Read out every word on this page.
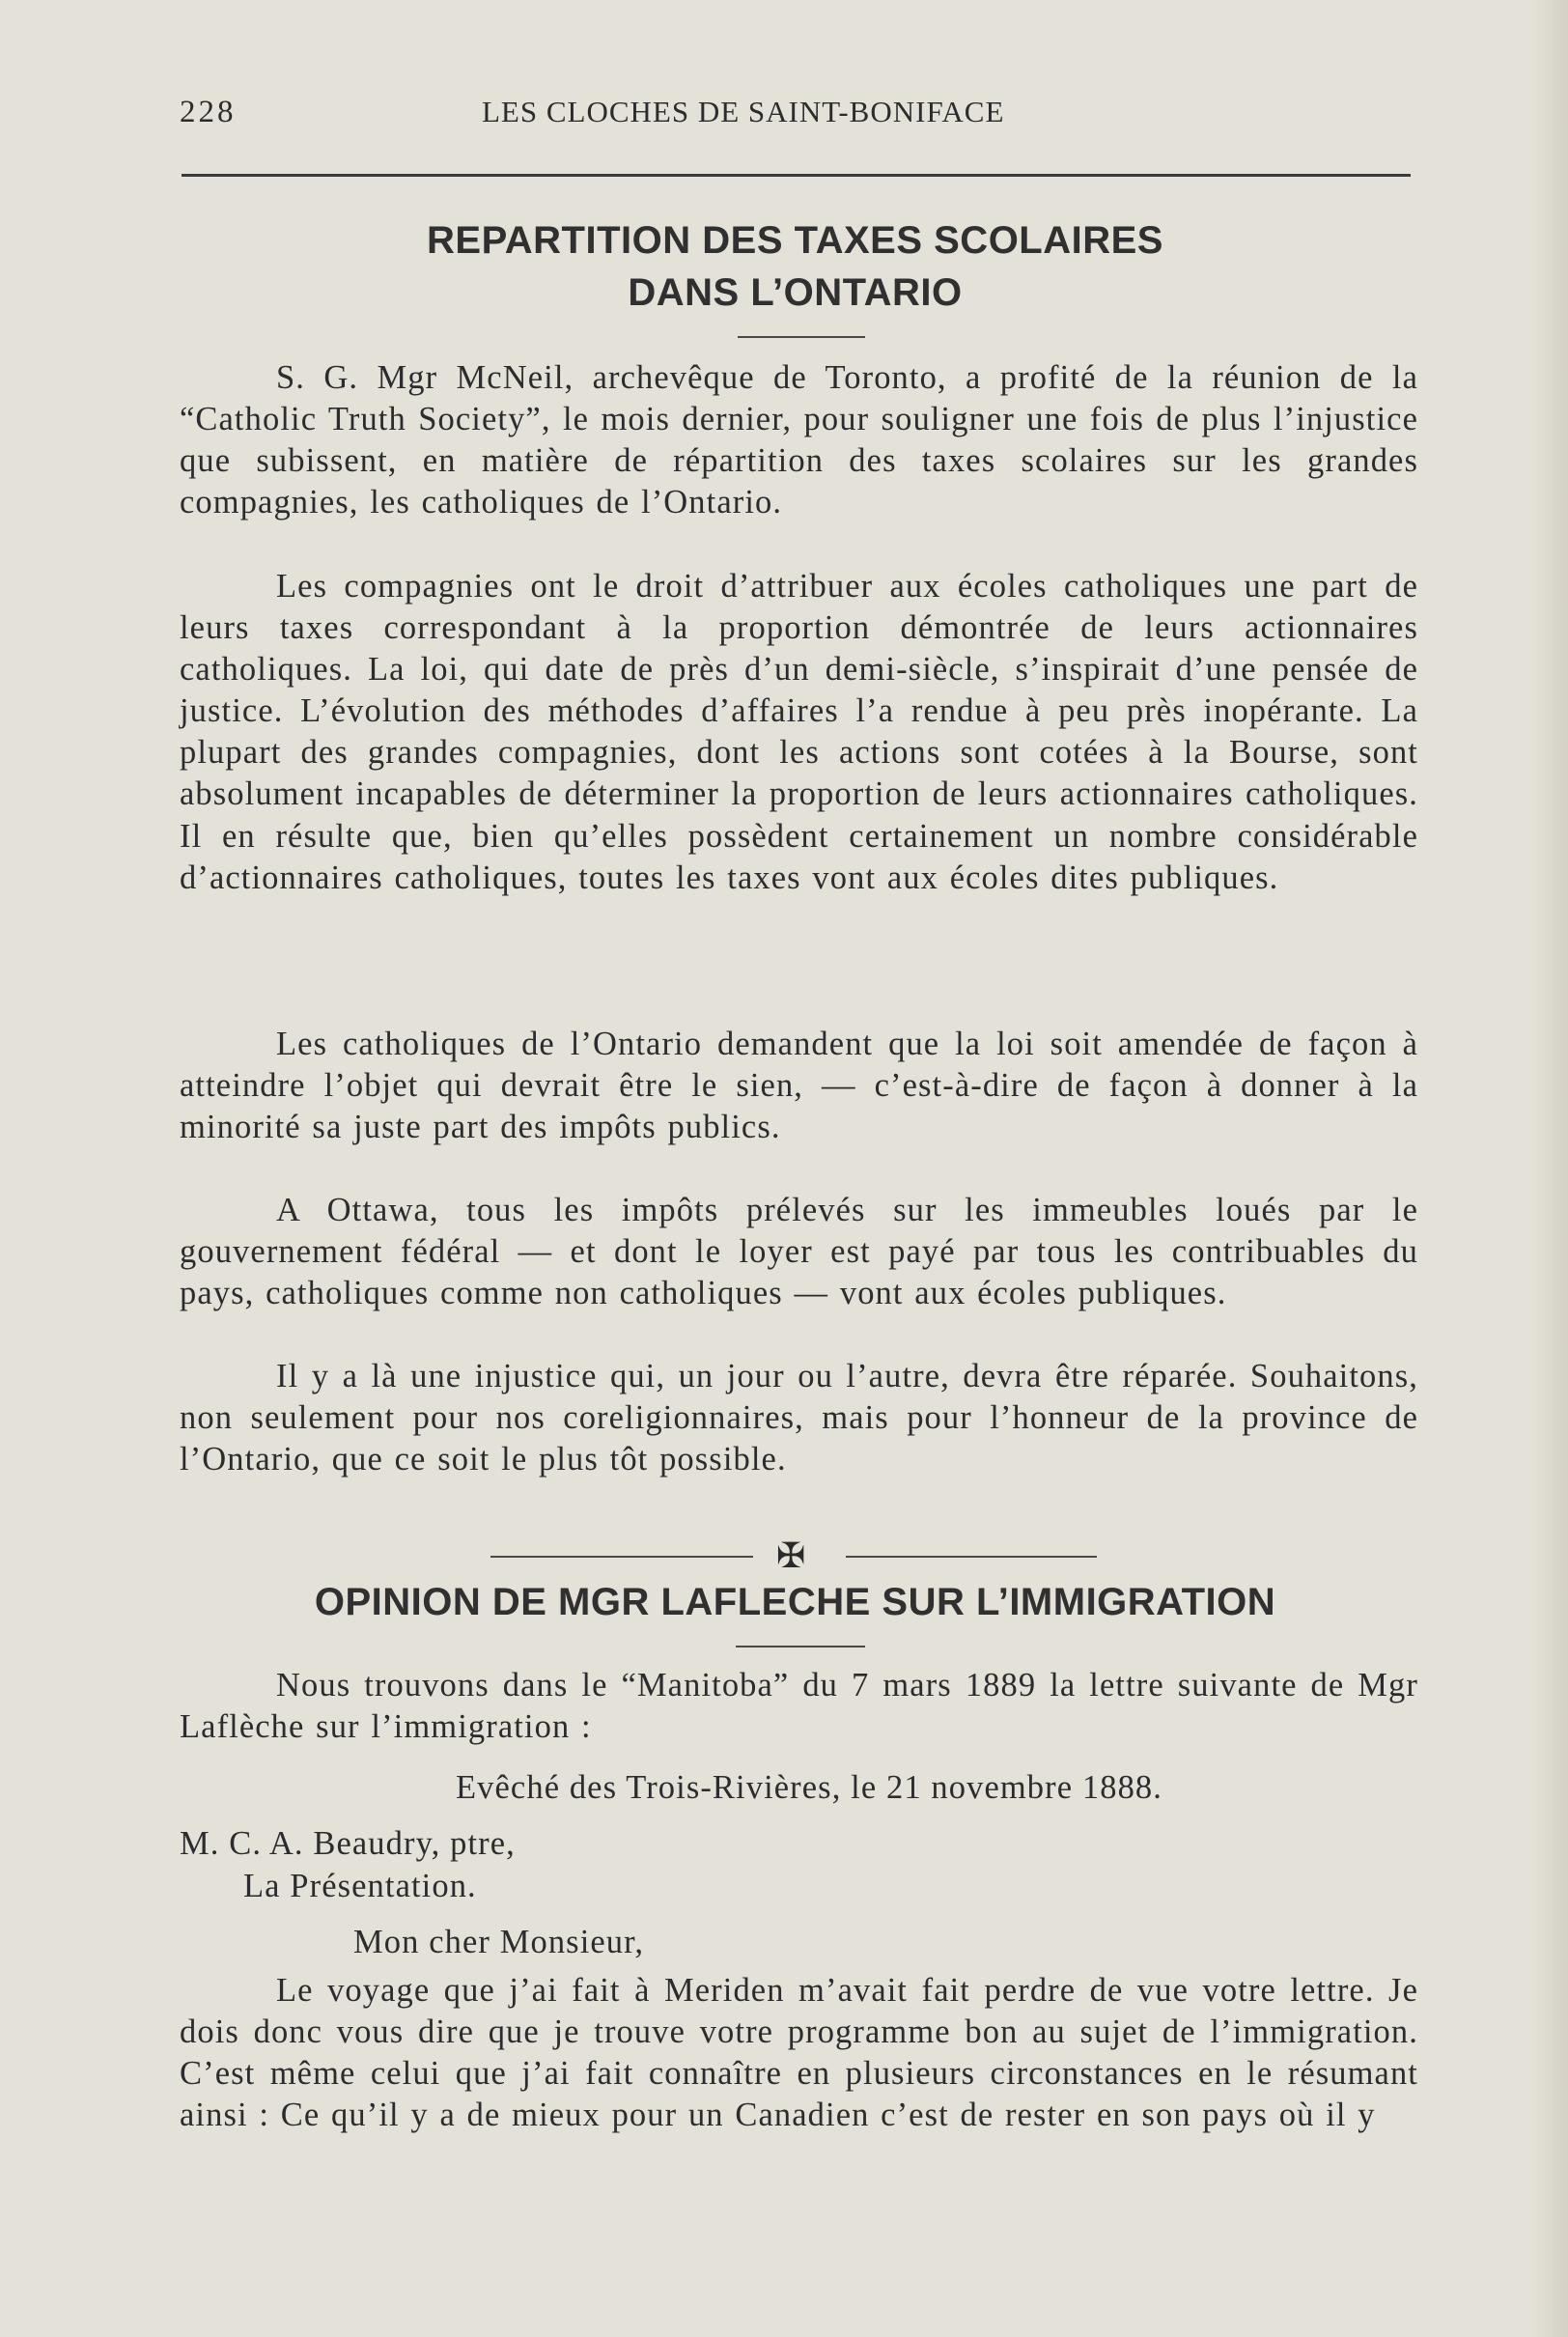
228	LES CLOCHES DE SAINT-BONIFACE
REPARTITION DES TAXES SCOLAIRES
DANS L’ONTARIO

S. G. Mgr McNeil, archevêque de Toronto, a profité de la réunion de la “Catholic Truth Society”, le mois dernier, pour souligner une fois de plus l’injustice que subissent, en matière de répartition des taxes scolaires sur les grandes compagnies, les catholiques de l’Ontario.

Les compagnies ont le droit d’attribuer aux écoles catholiques une part de leurs taxes correspondant à la proportion démontrée de leurs actionnaires catholiques. La loi, qui date de près d’un demi-siècle, s’inspirait d’une pensée de justice. L’évolution des méthodes d’affaires l’a rendue à peu près inopérante. La plupart des grandes compagnies, dont les actions sont cotées à la Bourse, sont absolument incapables de déterminer la proportion de leurs actionnaires catholiques. Il en résulte que, bien qu’elles possèdent certainement un nombre considérable d’actionnaires catholiques, toutes les taxes vont aux écoles dites publiques.

Les catholiques de l’Ontario demandent que la loi soit amendée de façon à atteindre l’objet qui devrait être le sien, — c’est-à-dire de façon à donner à la minorité sa juste part des impôts publics.

A Ottawa, tous les impôts prélevés sur les immeubles loués par le gouvernement fédéral — et dont le loyer est payé par tous les contribuables du pays, catholiques comme non catholiques — vont aux écoles publiques.

Il y a là une injustice qui, un jour ou l’autre, devra être réparée. Souhaitons, non seulement pour nos coreligionnaires, mais pour l’honneur de la province de l’Ontario, que ce soit le plus tôt possible.

✠
OPINION DE MGR LAFLECHE SUR L’IMMIGRATION

Nous trouvons dans le “Manitoba” du 7 mars 1889 la lettre suivante de Mgr Laflèche sur l’immigration :

Evêché des Trois-Rivières, le 21 novembre 1888.

M. C. A. Beaudry, ptre,

La Présentation.

Mon cher Monsieur,

Le voyage que j’ai fait à Meriden m’avait fait perdre de vue votre lettre. Je dois donc vous dire que je trouve votre programme bon au sujet de l’immigration. C’est même celui que j’ai fait connaître en plusieurs circonstances en le résumant ainsi : Ce qu’il y a de mieux pour un Canadien c’est de rester en son pays où il y
